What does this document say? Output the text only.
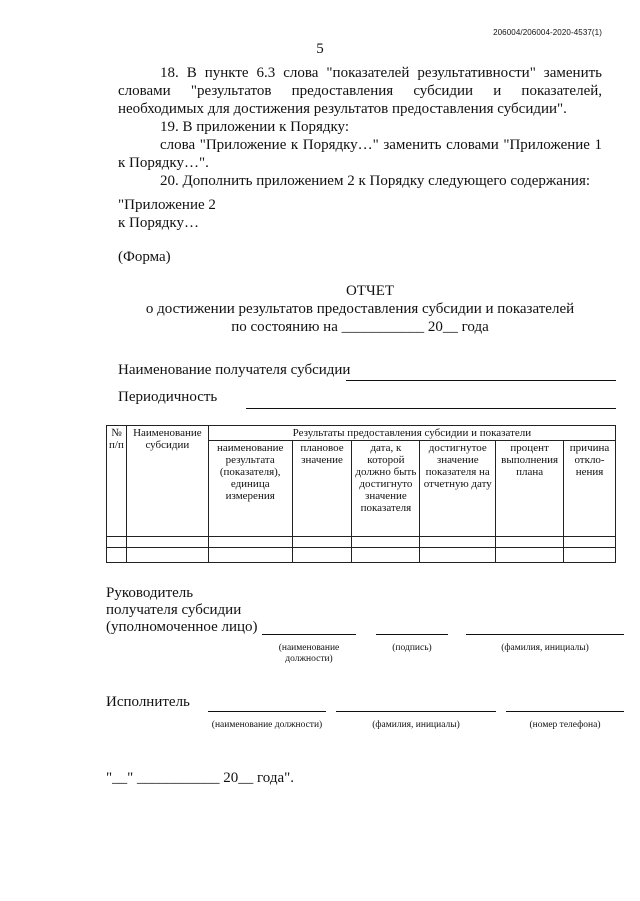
206004/206004-2020-4537(1)
5
18. В пункте 6.3 слова "показателей результативности" заменить словами "результатов предоставления субсидии и показателей, необходимых для достижения результатов предоставления субсидии".
19. В приложении к Порядку:
слова "Приложение к Порядку…" заменить словами "Приложение 1 к Порядку…".
20. Дополнить приложением 2 к Порядку следующего содержания:
"Приложение 2
к Порядку…
(Форма)
ОТЧЕТ
о достижении результатов предоставления субсидии и показателей
по состоянию на ___________ 20__ года
Наименование получателя субсидии
Периодичность
№ п/п	Наименование субсидии	Результаты предоставления субсидии и показатели					
		наименование результата (показателя), единица измерения	плановое значение	дата, к которой должно быть достигнуто значение показателя	достигнутое значение показателя на отчетную дату	процент выполнения плана	причина откло-нения

Руководитель
получателя субсидии
(уполномоченное лицо)
(наименование должности)
(подпись)	(фамилия, инициалы)
Исполнитель
(наименование должности)	(фамилия, инициалы)	(номер телефона)
"__" ___________ 20__ года".
